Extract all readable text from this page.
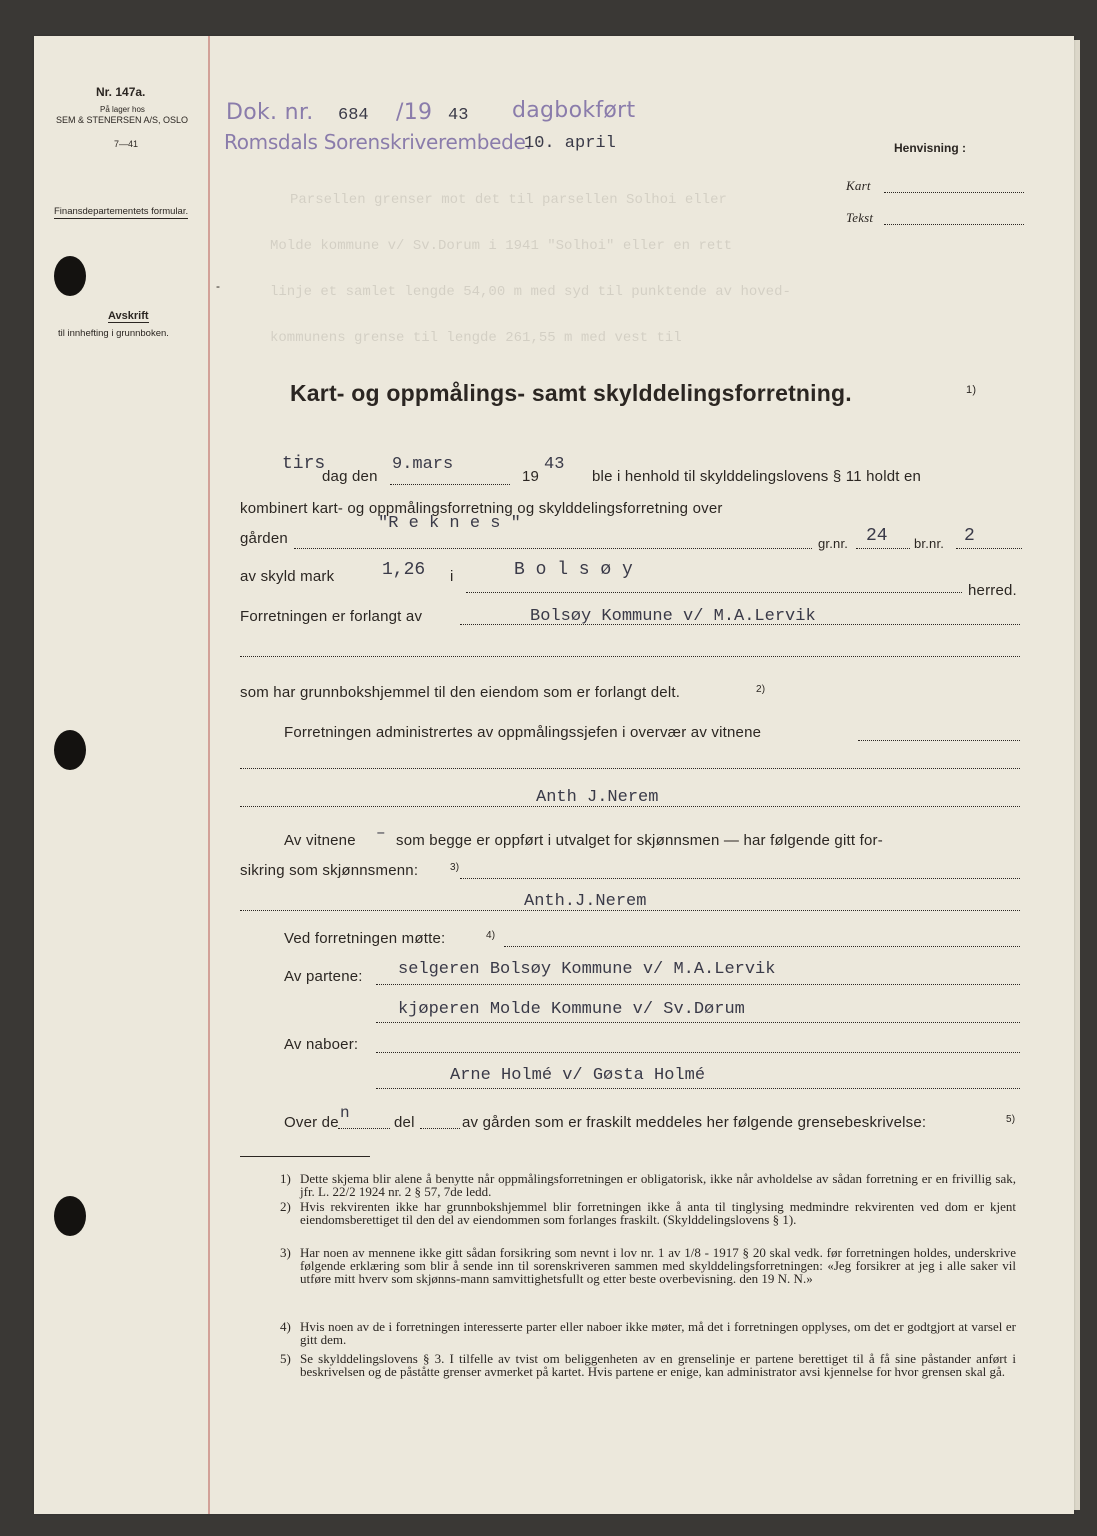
Parsellen grenser mot det til parsellen Solhoi eller
Molde kommune v/ Sv.Dorum i 1941 "Solhoi" eller en rett
linje et samlet lengde 54,00 m med syd til punktende av hoved-
kommunens grense til lengde 261,55 m med vest til
Nr. 147a.
På lager hos
SEM & STENERSEN A/S, OSLO
7—41
Finansdepartementets formular.
Avskrift
til innhefting i grunnboken.
-
Dok. nr. 684 /19 43 dagbokført
Romsdals Sorenskriverembede.
10. april	Henvisning :
Kart
Tekst
Kart- og oppmålings- samt skylddelingsforretning.	1)
tirs
dag den
9.mars
19
43
ble i henhold til skylddelingslovens § 11 holdt en
kombinert kart- og oppmålingsforretning og skylddelingsforretning over
gården
"R e k n e s "
gr.nr. 24 br.nr. 2
av skyld mark	1,26 i	B o l s ø y
herred.
Forretningen er forlangt av	Bolsøy Kommune v/ M.A.Lervik
som har grunnbokshjemmel til den eiendom som er forlangt delt.	2)
Forretningen administrertes av oppmålingssjefen i overvær av vitnene
Anth J.Nerem
Av vitnene – som begge er oppført i utvalget for skjønnsmen — har følgende gitt for-
sikring som skjønnsmenn:	3)
Anth.J.Nerem
Ved forretningen møtte:	4)
Av partene: selgeren Bolsøy Kommune v/ M.A.Lervik
kjøperen Molde Kommune v/ Sv.Dørum
Av naboer:
Arne Holmé v/ Gøsta Holmé
Over de
n
del	av gården som er fraskilt meddeles her følgende grensebeskrivelse:	5)
1) Dette skjema blir alene å benytte når oppmålingsforretningen er obligatorisk, ikke når avholdelse av sådan forretning er en frivillig sak, jfr. L. 22/2 1924 nr. 2 § 57, 7de ledd.
2) Hvis rekvirenten ikke har grunnbokshjemmel blir forretningen ikke å anta til tinglysing medmindre rekvirenten ved dom er kjent eiendomsberettiget til den del av eiendommen som forlanges fraskilt. (Skylddelingslovens § 1).
3) Har noen av mennene ikke gitt sådan forsikring som nevnt i lov nr. 1 av 1/8 - 1917 § 20 skal vedk. før forretningen holdes, underskrive følgende erklæring som blir å sende inn til sorenskriveren sammen med skylddelingsforretningen: «Jeg forsikrer at jeg i alle saker vil utføre mitt hverv som skjønns-mann samvittighetsfullt og etter beste overbevisning. den 19 N. N.»
4) Hvis noen av de i forretningen interesserte parter eller naboer ikke møter, må det i forretningen opplyses, om det er godtgjort at varsel er gitt dem.
5) Se skylddelingslovens § 3. I tilfelle av tvist om beliggenheten av en grenselinje er partene berettiget til å få sine påstander anført i beskrivelsen og de påståtte grenser avmerket på kartet. Hvis partene er enige, kan administrator avsi kjennelse for hvor grensen skal gå.
